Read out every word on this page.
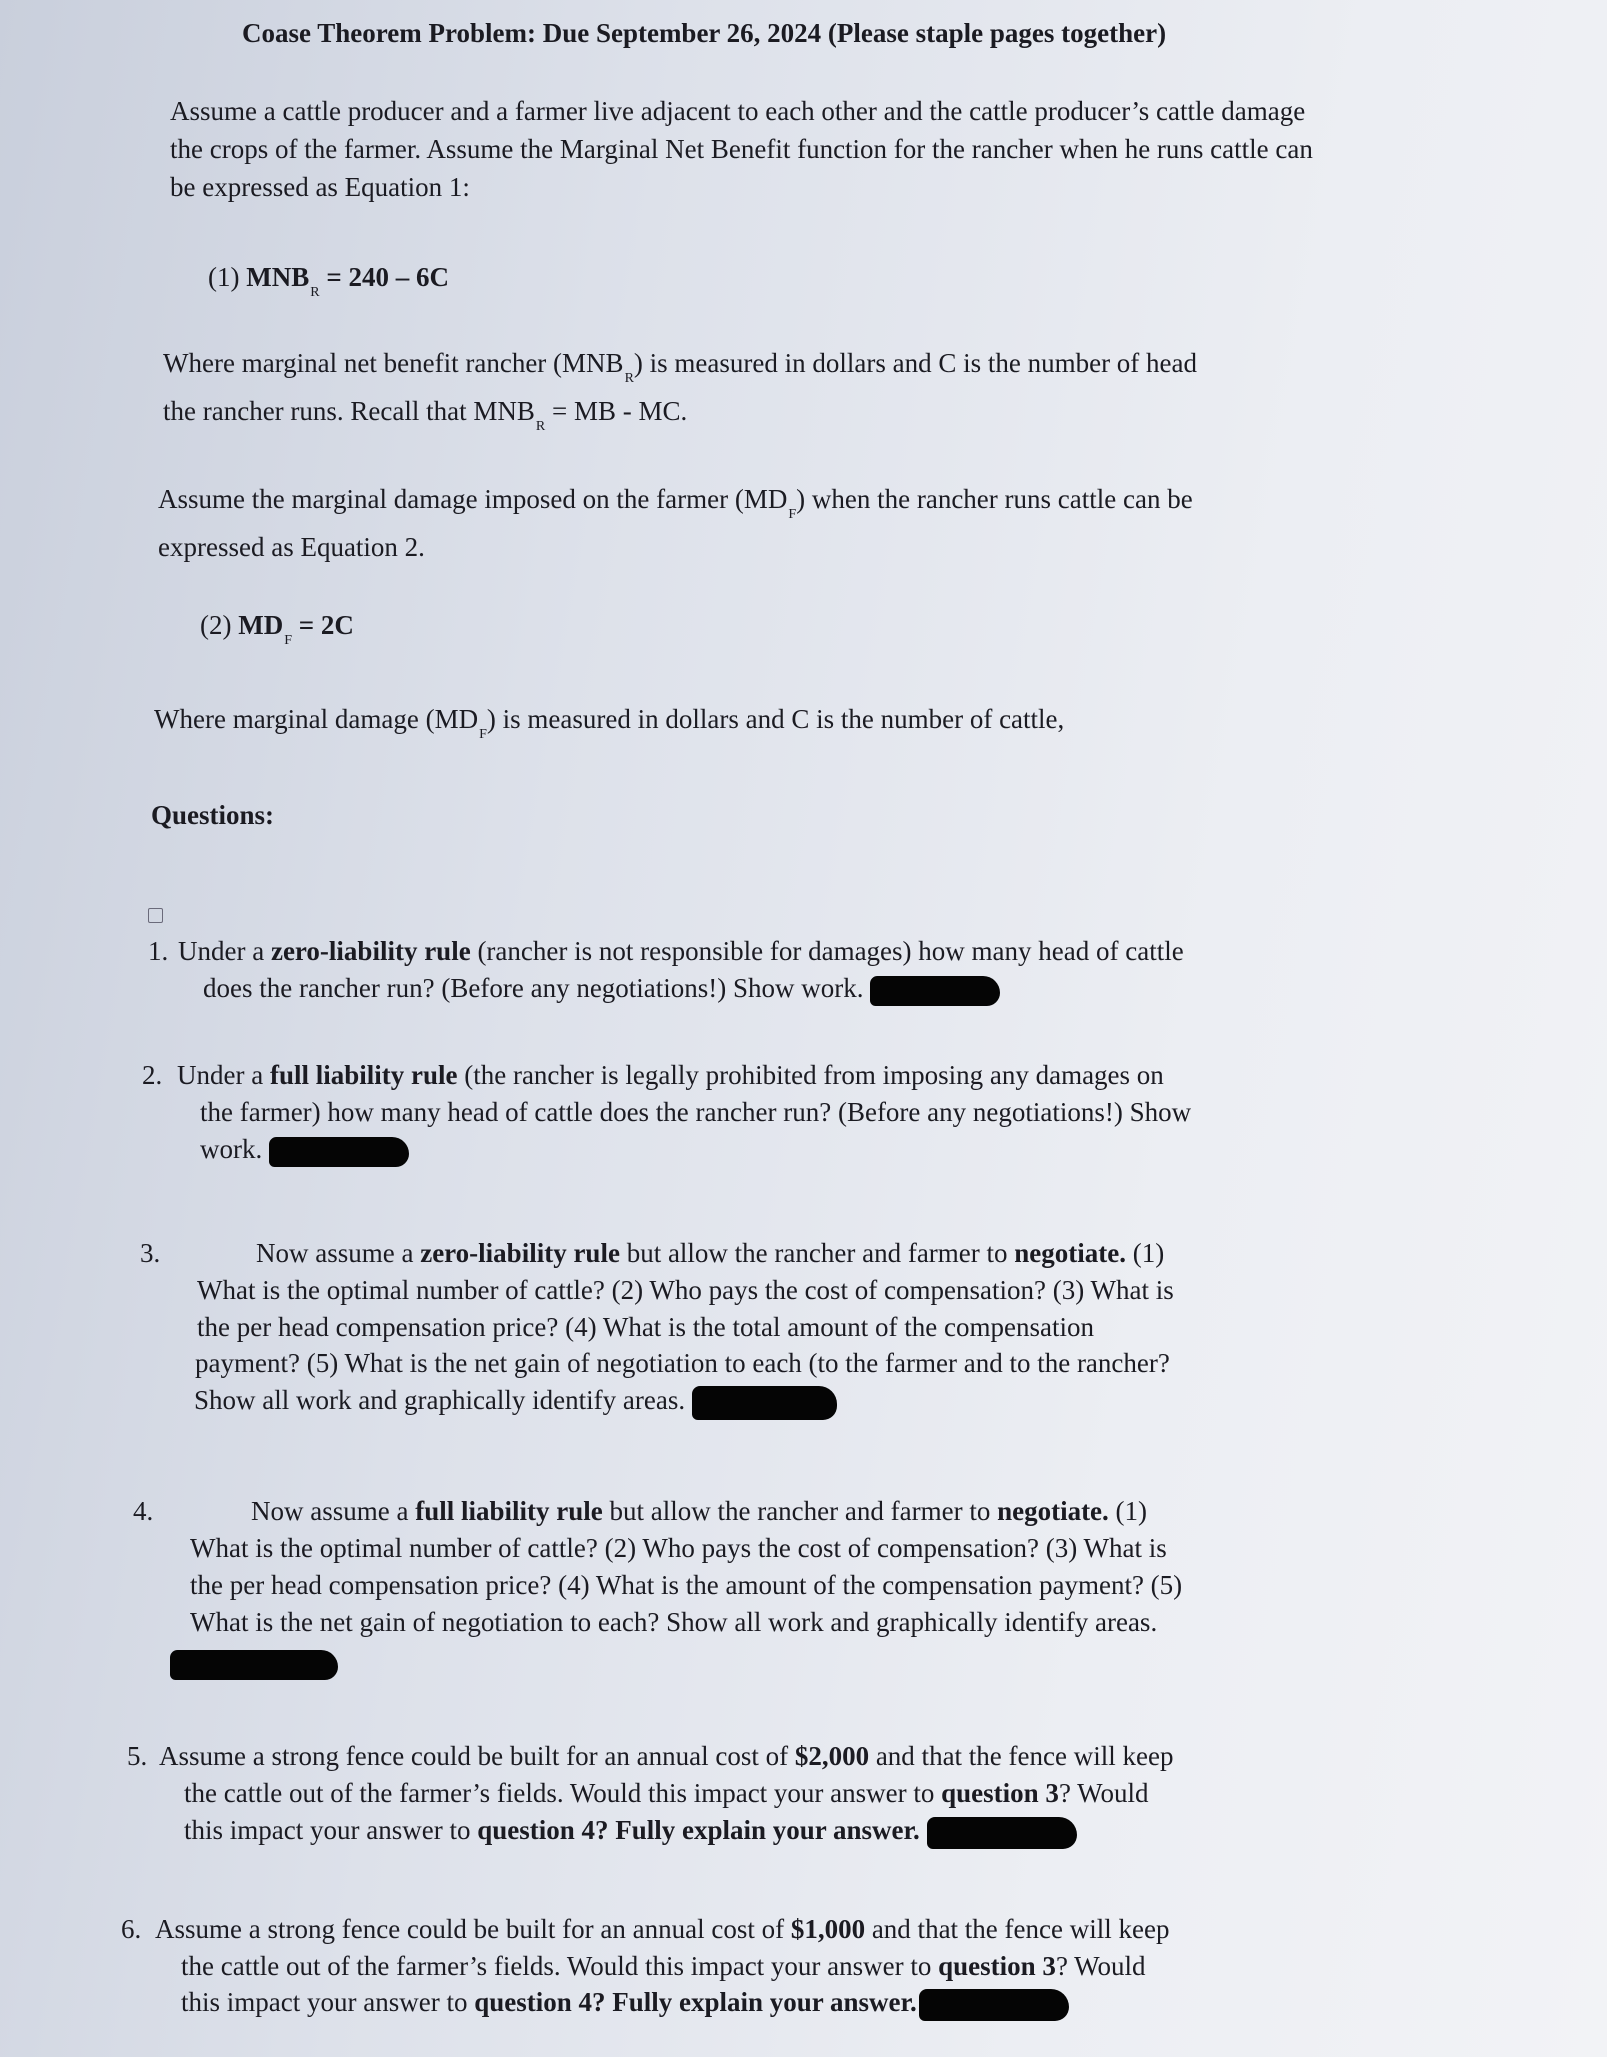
Coase Theorem Problem: Due September 26, 2024 (Please staple pages together)
Assume a cattle producer and a farmer live adjacent to each other and the cattle producer’s cattle damage the crops of the farmer. Assume the Marginal Net Benefit function for the rancher when he runs cattle can be expressed as Equation 1:
(1) $MNB_R = 240 - 6C$
Where marginal net benefit rancher $(MNB_R)$ is measured in dollars and C is the number of head
the rancher runs. Recall that $MNB_R$ = MB - MC.
Assume the marginal damage imposed on the farmer $(MD_F)$ when the rancher runs cattle can be
expressed as Equation 2.
(2) $MD_F = 2C$
Where marginal damage $(MD_F)$ is measured in dollars and C is the number of cattle,
Questions:
1. Under a zero-liability rule (rancher is not responsible for damages) how many head of cattle
does the rancher run? (Before any negotiations!) Show work.
2. Under a full liability rule (the rancher is legally prohibited from imposing any damages on
the farmer) how many head of cattle does the rancher run? (Before any negotiations!) Show
work.
3.	Now assume a zero-liability rule but allow the rancher and farmer to negotiate. (1)
What is the optimal number of cattle? (2) Who pays the cost of compensation? (3) What is
the per head compensation price? (4) What is the total amount of the compensation
payment? (5) What is the net gain of negotiation to each (to the farmer and to the rancher?
Show all work and graphically identify areas.
4.	Now assume a full liability rule but allow the rancher and farmer to negotiate. (1)
What is the optimal number of cattle? (2) Who pays the cost of compensation? (3) What is
the per head compensation price? (4) What is the amount of the compensation payment? (5)
What is the net gain of negotiation to each? Show all work and graphically identify areas.
5. Assume a strong fence could be built for an annual cost of $2,000 and that the fence will keep
the cattle out of the farmer’s fields. Would this impact your answer to question 3? Would
this impact your answer to question 4? Fully explain your answer.
6. Assume a strong fence could be built for an annual cost of $1,000 and that the fence will keep
the cattle out of the farmer’s fields. Would this impact your answer to question 3? Would
this impact your answer to question 4? Fully explain your answer.
